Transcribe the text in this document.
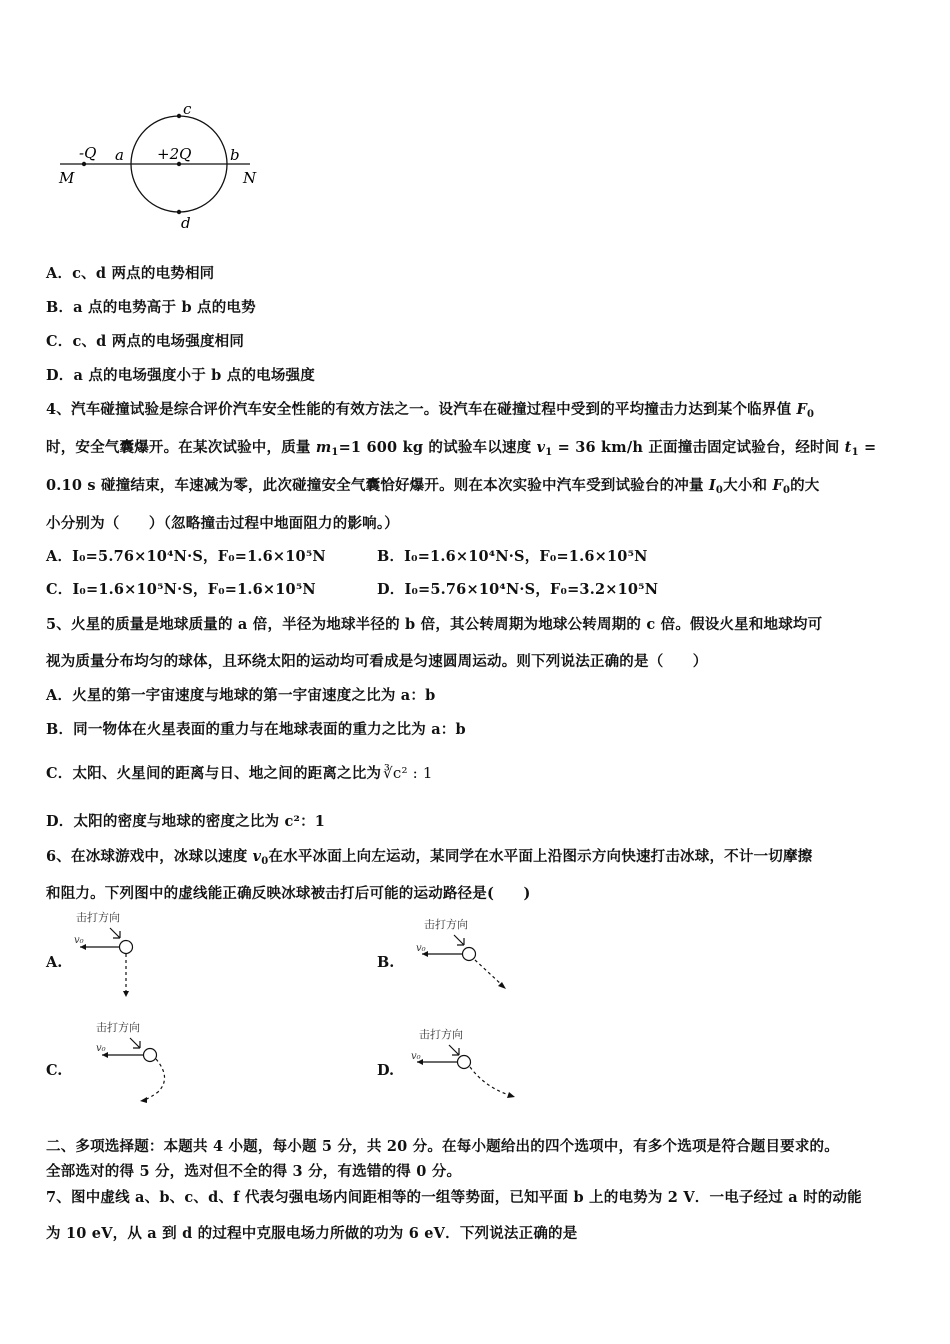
c
-Q a +2Q	b
M	N
d
A．c、d 两点的电势相同
B．a 点的电势高于 b 点的电势
C．c、d 两点的电场强度相同
D．a 点的电场强度小于 b 点的电场强度
4、汽车碰撞试验是综合评价汽车安全性能的有效方法之一。设汽车在碰撞过程中受到的平均撞击力达到某个临界值 $F_0$
时，安全气囊爆开。在某次试验中，质量 $m_1=1$ 600 kg 的试验车以速度 $v_1 = 36$ km/h 正面撞击固定试验台，经时间 $t_1$ =
0.10 s 碰撞结束，车速减为零，此次碰撞安全气囊恰好爆开。则在本次实验中汽车受到试验台的冲量 $I_0$大小和 $F_0$的大
小分别为（　　）（忽略撞击过程中地面阻力的影响。）
A．I₀=5.76×10⁴N·S，F₀=1.6×10⁵N	B．I₀=1.6×10⁴N·S，F₀=1.6×10⁵N
C．I₀=1.6×10⁵N·S，F₀=1.6×10⁵N	D．I₀=5.76×10⁴N·S，F₀=3.2×10⁵N
5、火星的质量是地球质量的 a 倍，半径为地球半径的 b 倍，其公转周期为地球公转周期的 c 倍。假设火星和地球均可
视为质量分布均匀的球体，且环绕太阳的运动均可看成是匀速圆周运动。则下列说法正确的是（　　）
A．火星的第一宇宙速度与地球的第一宇宙速度之比为 a：b
B．同一物体在火星表面的重力与在地球表面的重力之比为 a：b
C．太阳、火星间的距离与日、地之间的距离之比为 ∛c² : 1
D．太阳的密度与地球的密度之比为 c²：1
6、在冰球游戏中，冰球以速度 $v_0$在水平冰面上向左运动，某同学在水平面上沿图示方向快速打击冰球，不计一切摩擦
和阻力。下列图中的虚线能正确反映冰球被击打后可能的运动路径是(　　)
A.	B.
C.	D.
击打方向
v₀
击打方向
v₀
击打方向
v₀
击打方向
v₀
二、多项选择题：本题共 4 小题，每小题 5 分，共 20 分。在每小题给出的四个选项中，有多个选项是符合题目要求的。
全部选对的得 5 分，选对但不全的得 3 分，有选错的得 0 分。
7、图中虚线 a、b、c、d、f 代表匀强电场内间距相等的一组等势面，已知平面 b 上的电势为 2 V．一电子经过 a 时的动能
为 10 eV，从 a 到 d 的过程中克服电场力所做的功为 6 eV．下列说法正确的是
